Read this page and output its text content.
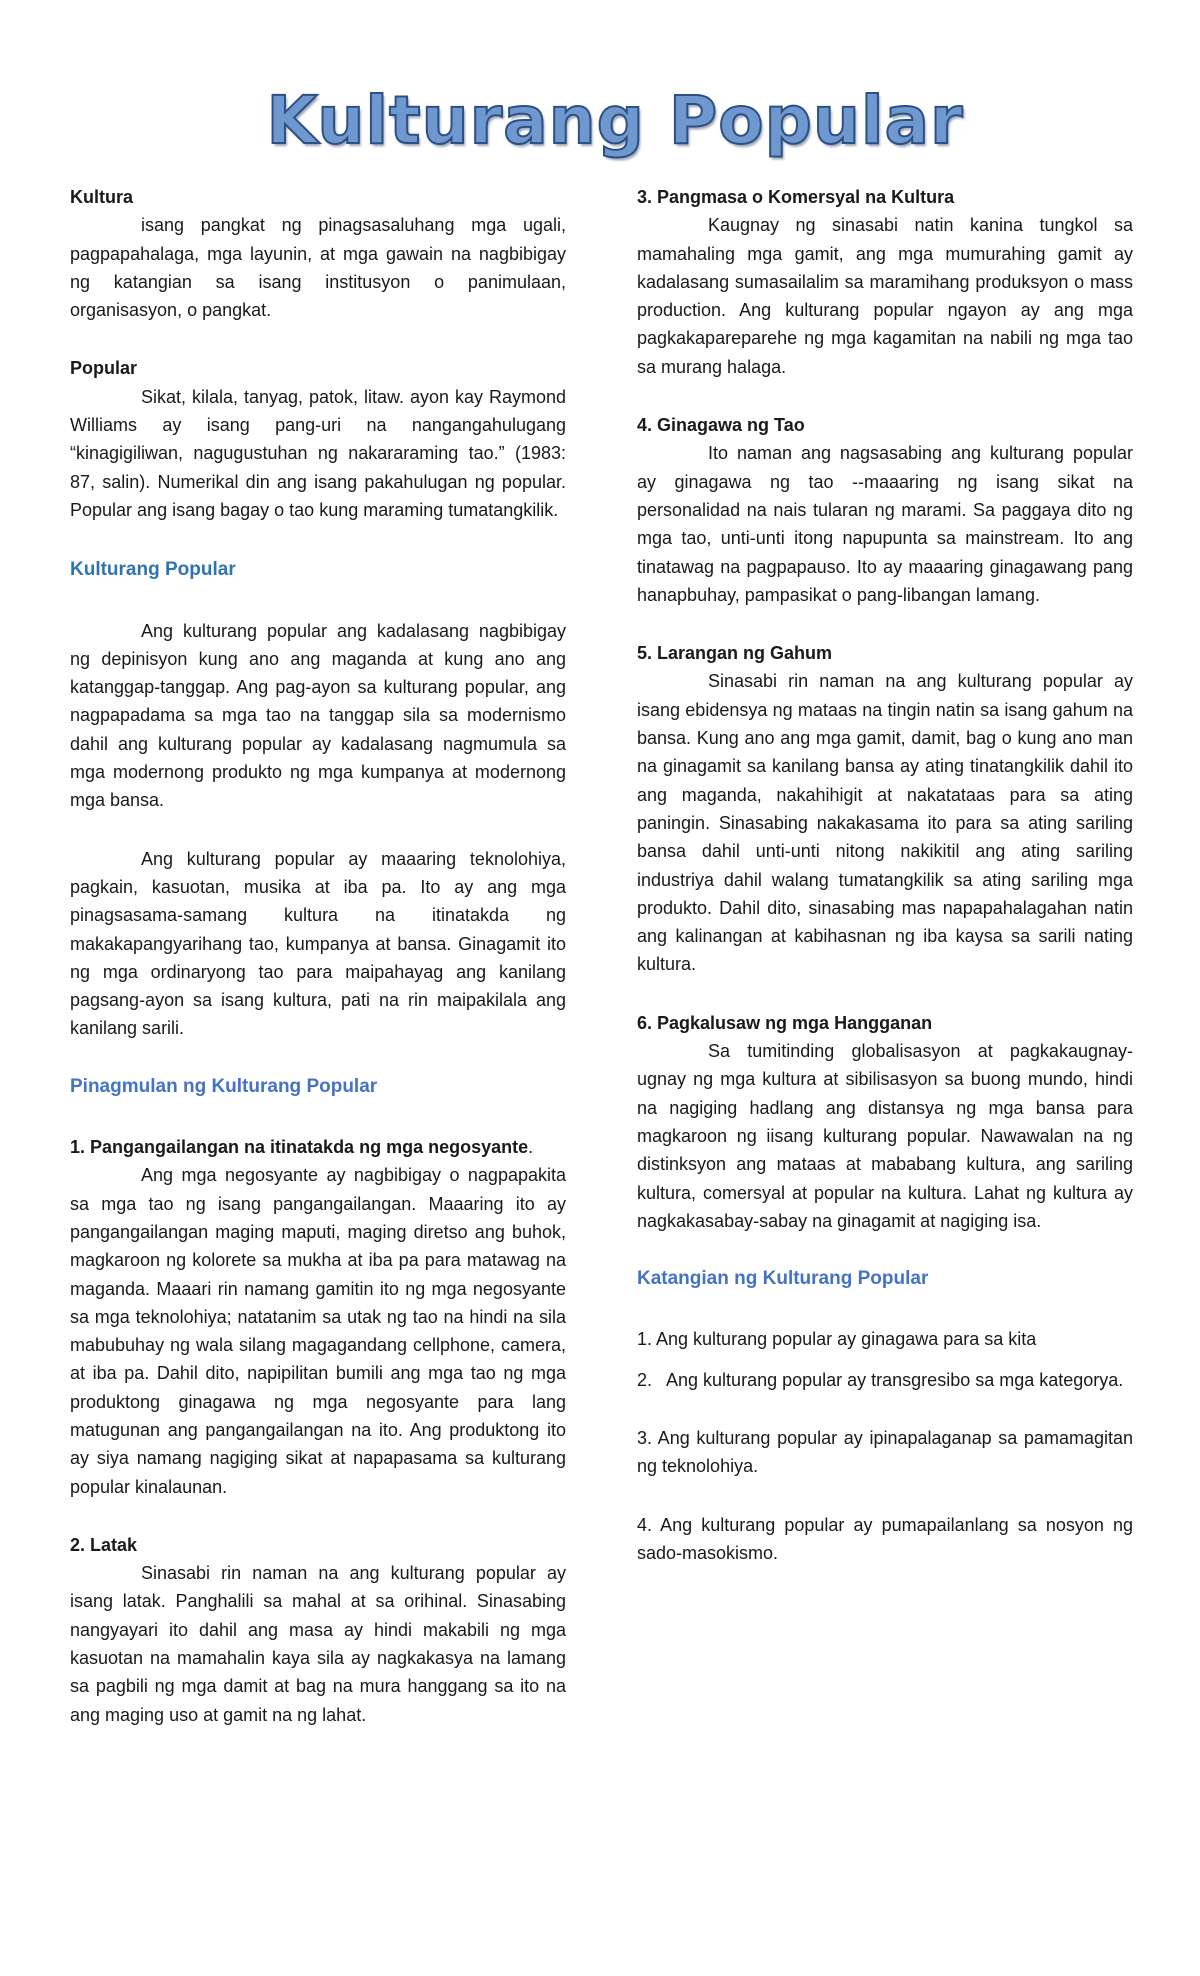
Kulturang Popular

Kultura

isang pangkat ng pinagsasaluhang mga ugali, pagpapahalaga, mga layunin, at mga gawain na nagbibigay ng katangian sa isang institusyon o panimulaan, organisasyon, o pangkat.

Popular

Sikat, kilala, tanyag, patok, litaw. ayon kay Raymond Williams ay isang pang-uri na nangangahulugang “kinagigiliwan, nagugustuhan ng nakararaming tao.” (1983: 87, salin). Numerikal din ang isang pakahulugan ng popular. Popular ang isang bagay o tao kung maraming tumatangkilik.

Kulturang Popular

Ang kulturang popular ang kadalasang nagbibigay ng depinisyon kung ano ang maganda at kung ano ang katanggap-tanggap. Ang pag-ayon sa kulturang popular, ang nagpapadama sa mga tao na tanggap sila sa modernismo dahil ang kulturang popular ay kadalasang nagmumula sa mga modernong produkto ng mga kumpanya at modernong mga bansa.

Ang kulturang popular ay maaaring teknolohiya, pagkain, kasuotan, musika at iba pa. Ito ay ang mga pinagsasama-samang kultura na itinatakda ng makakapangyarihang tao, kumpanya at bansa. Ginagamit ito ng mga ordinaryong tao para maipahayag ang kanilang pagsang-ayon sa isang kultura, pati na rin maipakilala ang kanilang sarili.

Pinagmulan ng Kulturang Popular

1. Pangangailangan na itinatakda ng mga negosyante.

Ang mga negosyante ay nagbibigay o nagpapakita sa mga tao ng isang pangangailangan. Maaaring ito ay pangangailangan maging maputi, maging diretso ang buhok, magkaroon ng kolorete sa mukha at iba pa para matawag na maganda. Maaari rin namang gamitin ito ng mga negosyante sa mga teknolohiya; natatanim sa utak ng tao na hindi na sila mabubuhay ng wala silang magagandang cellphone, camera, at iba pa. Dahil dito, napipilitan bumili ang mga tao ng mga produktong ginagawa ng mga negosyante para lang matugunan ang pangangailangan na ito. Ang produktong ito ay siya namang nagiging sikat at napapasama sa kulturang popular kinalaunan.

2. Latak

Sinasabi rin naman na ang kulturang popular ay isang latak. Panghalili sa mahal at sa orihinal. Sinasabing nangyayari ito dahil ang masa ay hindi makabili ng mga kasuotan na mamahalin kaya sila ay nagkakasya na lamang sa pagbili ng mga damit at bag na mura hanggang sa ito na ang maging uso at gamit na ng lahat.

3. Pangmasa o Komersyal na Kultura

Kaugnay ng sinasabi natin kanina tungkol sa mamahaling mga gamit, ang mga mumurahing gamit ay kadalasang sumasailalim sa maramihang produksyon o mass production. Ang kulturang popular ngayon ay ang mga pagkakapareparehe ng mga kagamitan na nabili ng mga tao sa murang halaga.

4. Ginagawa ng Tao

Ito naman ang nagsasabing ang kulturang popular ay ginagawa ng tao --maaaring ng isang sikat na personalidad na nais tularan ng marami. Sa paggaya dito ng mga tao, unti-unti itong napupunta sa mainstream. Ito ang tinatawag na pagpapauso. Ito ay maaaring ginagawang pang hanapbuhay, pampasikat o pang-libangan lamang.

5. Larangan ng Gahum

Sinasabi rin naman na ang kulturang popular ay isang ebidensya ng mataas na tingin natin sa isang gahum na bansa. Kung ano ang mga gamit, damit, bag o kung ano man na ginagamit sa kanilang bansa ay ating tinatangkilik dahil ito ang maganda, nakahihigit at nakatataas para sa ating paningin. Sinasabing nakakasama ito para sa ating sariling bansa dahil unti-unti nitong nakikitil ang ating sariling industriya dahil walang tumatangkilik sa ating sariling mga produkto. Dahil dito, sinasabing mas napapahalagahan natin ang kalinangan at kabihasnan ng iba kaysa sa sarili nating kultura.

6. Pagkalusaw ng mga Hangganan

Sa tumitinding globalisasyon at pagkakaugnay-ugnay ng mga kultura at sibilisasyon sa buong mundo, hindi na nagiging hadlang ang distansya ng mga bansa para magkaroon ng iisang kulturang popular. Nawawalan na ng distinksyon ang mataas at mababang kultura, ang sariling kultura, comersyal at popular na kultura. Lahat ng kultura ay nagkakasabay-sabay na ginagamit at nagiging isa.

Katangian ng Kulturang Popular

1. Ang kulturang popular ay ginagawa para sa kita
2.   Ang kulturang popular ay transgresibo sa mga kategorya.
3. Ang kulturang popular ay ipinapalaganap sa pamamagitan ng teknolohiya.
4. Ang kulturang popular ay pumapailanlang sa nosyon ng sado-masokismo.
